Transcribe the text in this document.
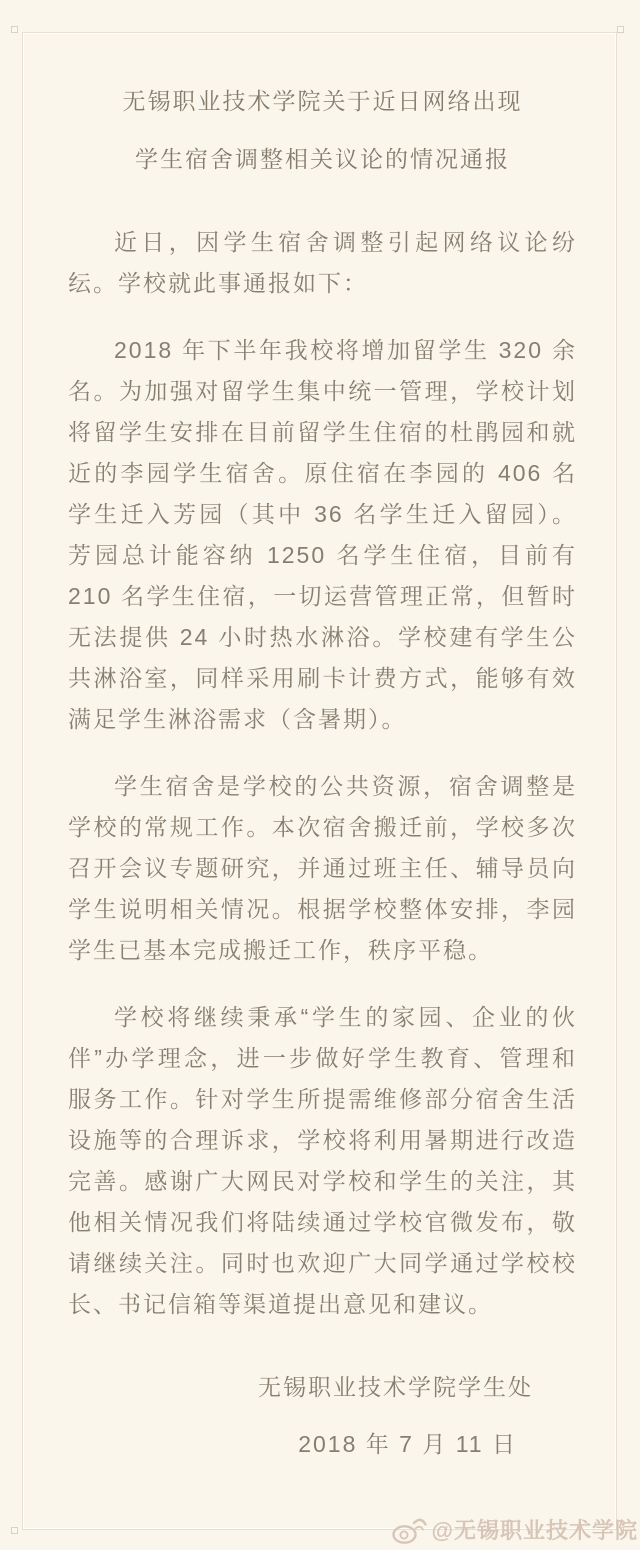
无锡职业技术学院关于近日网络出现
学生宿舍调整相关议论的情况通报

近日，因学生宿舍调整引起网络议论纷纭。学校就此事通报如下：

2018 年下半年我校将增加留学生 320 余名。为加强对留学生集中统一管理，学校计划将留学生安排在目前留学生住宿的杜鹃园和就近的李园学生宿舍。原住宿在李园的 406 名学生迁入芳园（其中 36 名学生迁入留园）。芳园总计能容纳 1250 名学生住宿，目前有 210 名学生住宿，一切运营管理正常，但暂时无法提供 24 小时热水淋浴。学校建有学生公共淋浴室，同样采用刷卡计费方式，能够有效满足学生淋浴需求（含暑期）。

学生宿舍是学校的公共资源，宿舍调整是学校的常规工作。本次宿舍搬迁前，学校多次召开会议专题研究，并通过班主任、辅导员向学生说明相关情况。根据学校整体安排，李园学生已基本完成搬迁工作，秩序平稳。

学校将继续秉承“学生的家园、企业的伙伴”办学理念，进一步做好学生教育、管理和服务工作。针对学生所提需维修部分宿舍生活设施等的合理诉求，学校将利用暑期进行改造完善。感谢广大网民对学校和学生的关注，其他相关情况我们将陆续通过学校官微发布，敬请继续关注。同时也欢迎广大同学通过学校校长、书记信箱等渠道提出意见和建议。

无锡职业技术学院学生处
2018 年 7 月 11 日
@无锡职业技术学院
